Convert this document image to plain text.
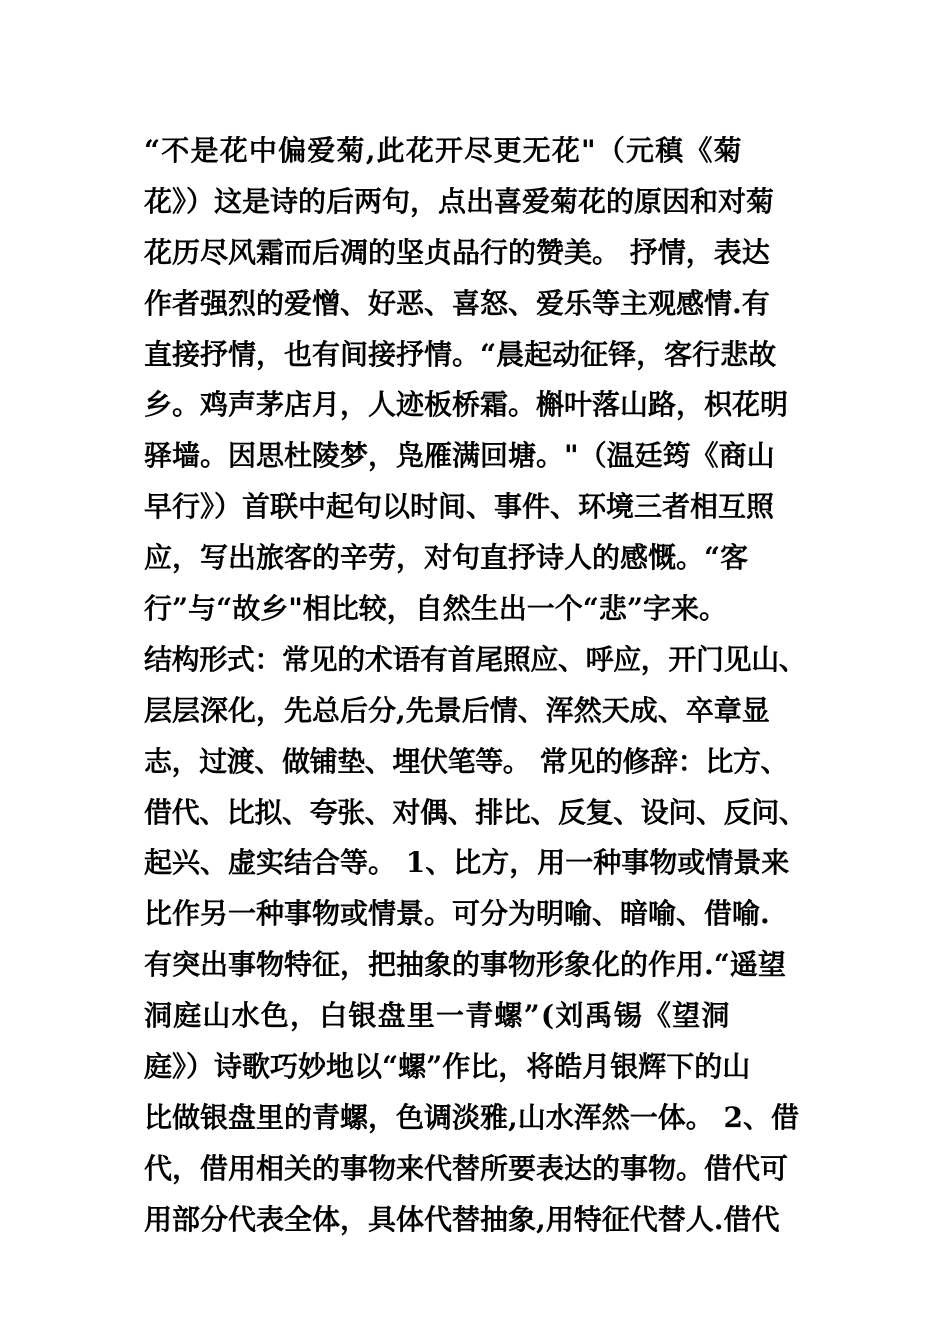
“不是花中偏爱菊,此花开尽更无花"（元稹《菊
花》）这是诗的后两句，点出喜爱菊花的原因和对菊
花历尽风霜而后凋的坚贞品行的赞美。 抒情，表达
作者强烈的爱憎、好恶、喜怒、爱乐等主观感情.有
直接抒情，也有间接抒情。“晨起动征铎，客行悲故
乡。鸡声茅店月，人迹板桥霜。槲叶落山路，枳花明
驿墙。因思杜陵梦，凫雁满回塘。"（温廷筠《商山
早行》）首联中起句以时间、事件、环境三者相互照
应，写出旅客的辛劳，对句直抒诗人的感慨。“客
行”与“故乡"相比较，自然生出一个“悲”字来。
结构形式：常见的术语有首尾照应、呼应，开门见山、
层层深化，先总后分,先景后情、浑然天成、卒章显
志，过渡、做铺垫、埋伏笔等。 常见的修辞：比方、
借代、比拟、夸张、对偶、排比、反复、设问、反问、
起兴、虚实结合等。 1、比方，用一种事物或情景来
比作另一种事物或情景。可分为明喻、暗喻、借喻.
有突出事物特征，把抽象的事物形象化的作用.“遥望
洞庭山水色，白银盘里一青螺”(刘禹锡《望洞
庭》）诗歌巧妙地以“螺”作比，将皓月银辉下的山
比做银盘里的青螺，色调淡雅,山水浑然一体。 2、借
代，借用相关的事物来代替所要表达的事物。借代可
用部分代表全体，具体代替抽象,用特征代替人.借代
